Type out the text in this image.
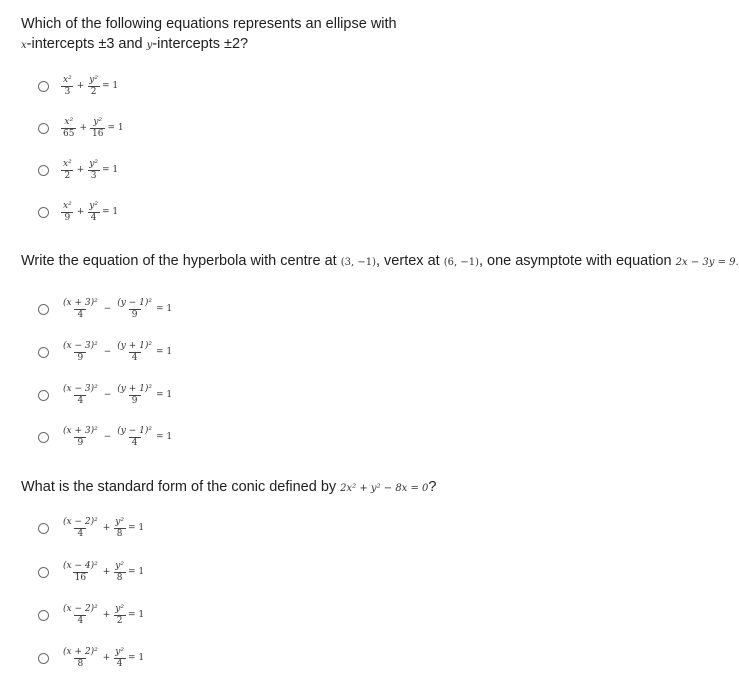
Which of the following equations represents an ellipse with
x-intercepts ±3 and y-intercepts ±2?
$\frac{\text{x²}}{3} + \frac{\text{y²}}{2} = 1$
$\frac{\text{x²}}{65} + \frac{\text{y²}}{16} = 1$
$\frac{\text{x²}}{2} + \frac{\text{y²}}{3} = 1$
$\frac{\text{x²}}{9} + \frac{\text{y²}}{4} = 1$
Write the equation of the hyperbola with centre at (3, −1), vertex at (6, −1), one asymptote with equation 2x − 3y = 9.
$\frac{\text{(x + 3)²}}{4} - \frac{\text{(y − 1)²}}{9} = 1$
$\frac{\text{(x − 3)²}}{9} - \frac{\text{(y + 1)²}}{4} = 1$
$\frac{\text{(x − 3)²}}{4} - \frac{\text{(y + 1)²}}{9} = 1$
$\frac{\text{(x + 3)²}}{9} - \frac{\text{(y − 1)²}}{4} = 1$
What is the standard form of the conic defined by 2x² + y² − 8x = 0?
$\frac{\text{(x − 2)²}}{4} + \frac{\text{y²}}{8} = 1$
$\frac{\text{(x − 4)²}}{16} + \frac{\text{y²}}{8} = 1$
$\frac{\text{(x − 2)²}}{4} + \frac{\text{y²}}{2} = 1$
$\frac{\text{(x + 2)²}}{8} + \frac{\text{y²}}{4} = 1$
